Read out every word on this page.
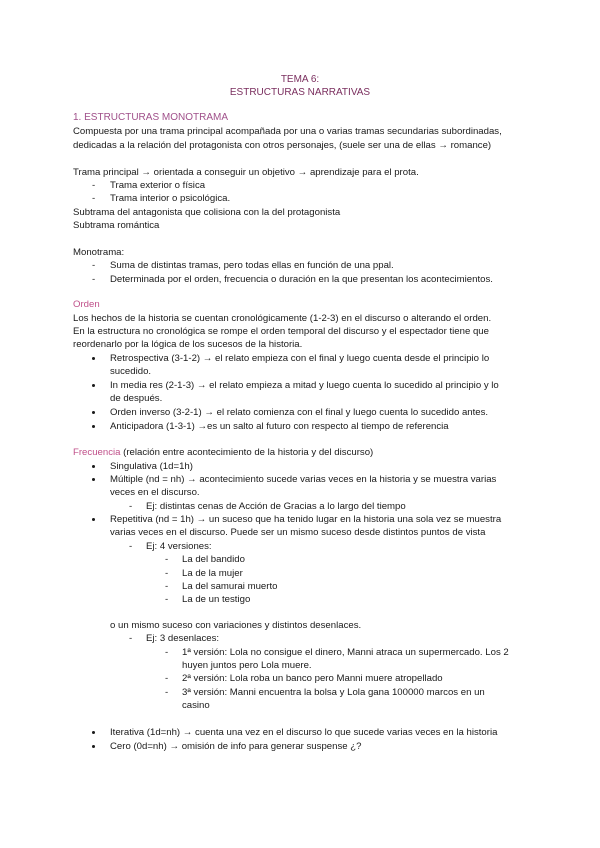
TEMA 6:
ESTRUCTURAS NARRATIVAS
1. ESTRUCTURAS MONOTRAMA
Compuesta por una trama principal acompañada por una o varias tramas secundarias subordinadas,
dedicadas a la relación del protagonista con otros personajes, (suele ser una de ellas → romance)
Trama principal → orientada a conseguir un objetivo → aprendizaje para el prota.
- Trama exterior o física
- Trama interior o psicológica.
Subtrama del antagonista que colisiona con la del protagonista
Subtrama romántica
Monotrama:
- Suma de distintas tramas, pero todas ellas en función de una ppal.
- Determinada por el orden, frecuencia o duración en la que presentan los acontecimientos.
Orden
Los hechos de la historia se cuentan cronológicamente (1-2-3) en el discurso o alterando el orden.
En la estructura no cronológica se rompe el orden temporal del discurso y el espectador tiene que
reordenarlo por la lógica de los sucesos de la historia.
Retrospectiva (3-1-2) → el relato empieza con el final y luego cuenta desde el principio lo
sucedido.
In media res (2-1-3) → el relato empieza a mitad y luego cuenta lo sucedido al principio y lo
de después.
Orden inverso (3-2-1) → el relato comienza con el final y luego cuenta lo sucedido antes.
Anticipadora (1-3-1) →es un salto al futuro con respecto al tiempo de referencia
Frecuencia (relación entre acontecimiento de la historia y del discurso)
Singulativa (1d=1h)
Múltiple (nd = nh) → acontecimiento sucede varias veces en la historia y se muestra varias
veces en el discurso.
- Ej: distintas cenas de Acción de Gracias a lo largo del tiempo
Repetitiva (nd = 1h) → un suceso que ha tenido lugar en la historia una sola vez se muestra
varias veces en el discurso. Puede ser un mismo suceso desde distintos puntos de vista
- Ej: 4 versiones:
- La del bandido
- La de la mujer
- La del samurai muerto
- La de un testigo
o un mismo suceso con variaciones y distintos desenlaces.
- Ej: 3 desenlaces:
- 1ª versión: Lola no consigue el dinero, Manni atraca un supermercado. Los 2
huyen juntos pero Lola muere.
- 2ª versión: Lola roba un banco pero Manni muere atropellado
- 3ª versión: Manni encuentra la bolsa y Lola gana 100000 marcos en un
casino
Iterativa (1d=nh) → cuenta una vez en el discurso lo que sucede varias veces en la historia
Cero (0d=nh) → omisión de info para generar suspense ¿?
